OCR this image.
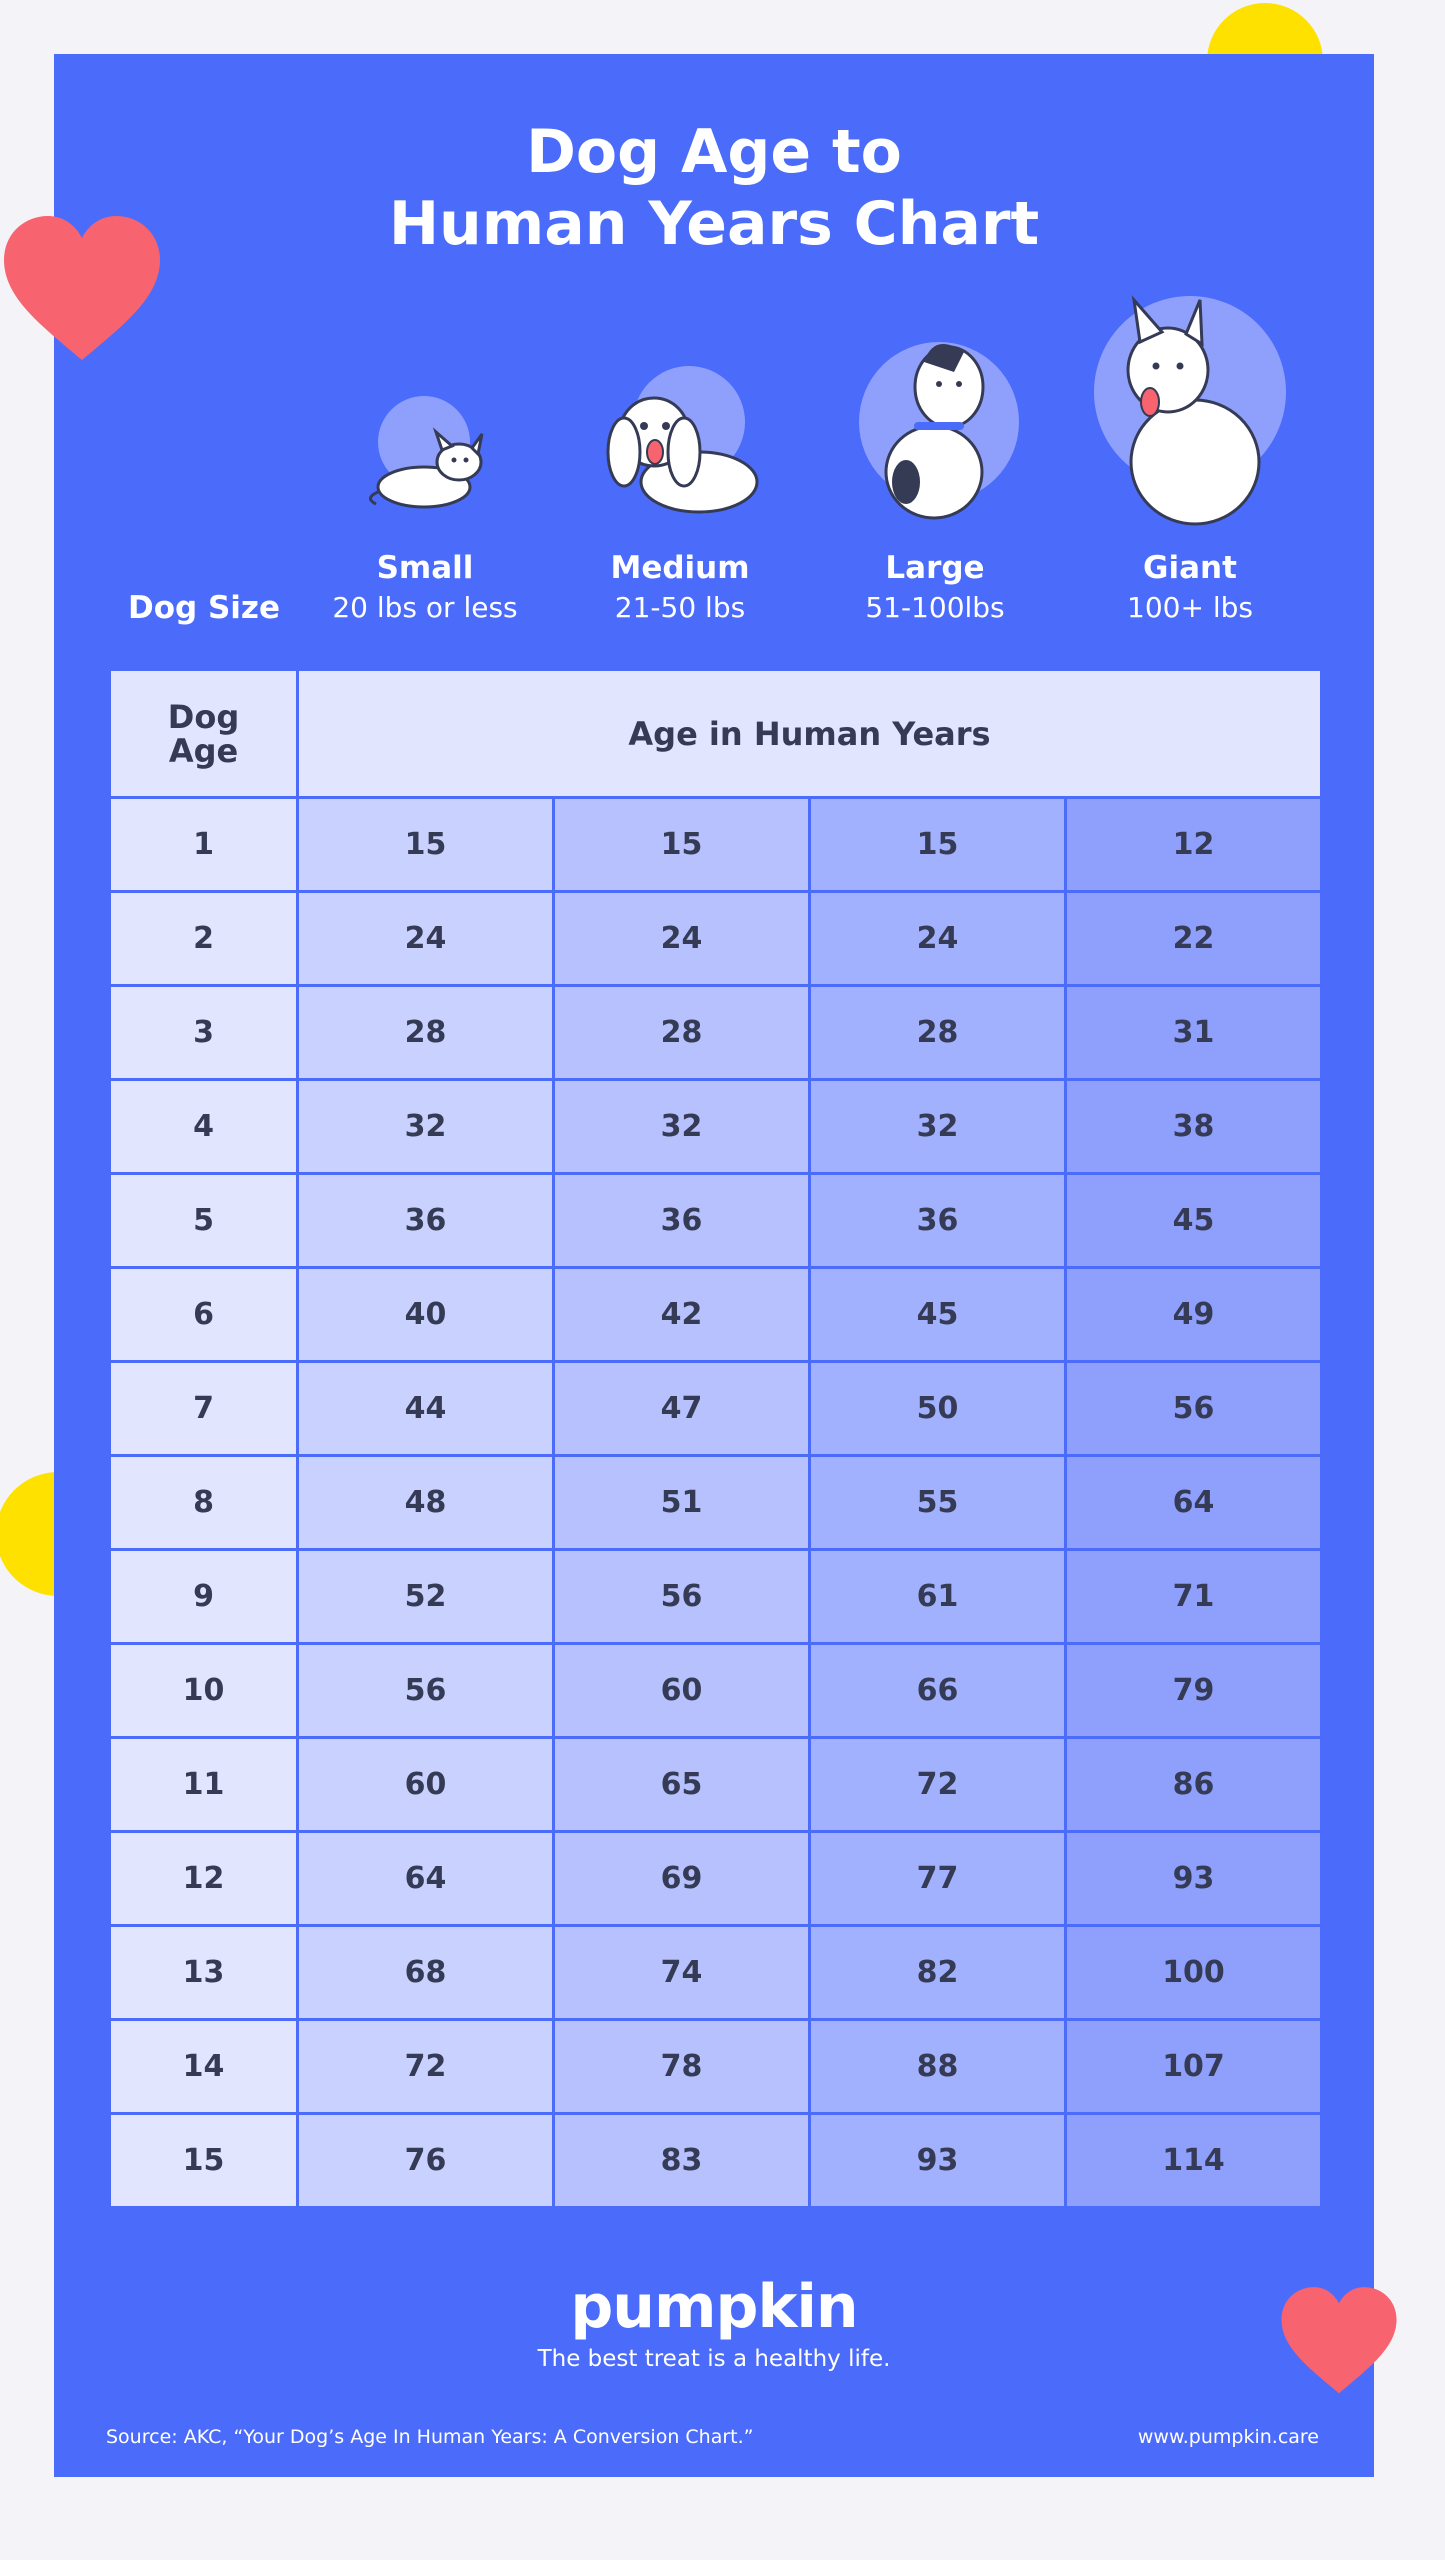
Dog Age to
Human Years Chart
Dog Size
Small
20 lbs or less
Medium
21-50 lbs
Large
51-100lbs
Giant
100+ lbs
Dog
Age	Age in Human Years			
1	15	15	15	12
2	24	24	24	22
3	28	28	28	31
4	32	32	32	38
5	36	36	36	45
6	40	42	45	49
7	44	47	50	56
8	48	51	55	64
9	52	56	61	71
10	56	60	66	79
11	60	65	72	86
12	64	69	77	93
13	68	74	82	100
14	72	78	88	107
15	76	83	93	114
pumpkin
The best treat is a healthy life.
Source: AKC, “Your Dog’s Age In Human Years: A Conversion Chart.”	www.pumpkin.care
